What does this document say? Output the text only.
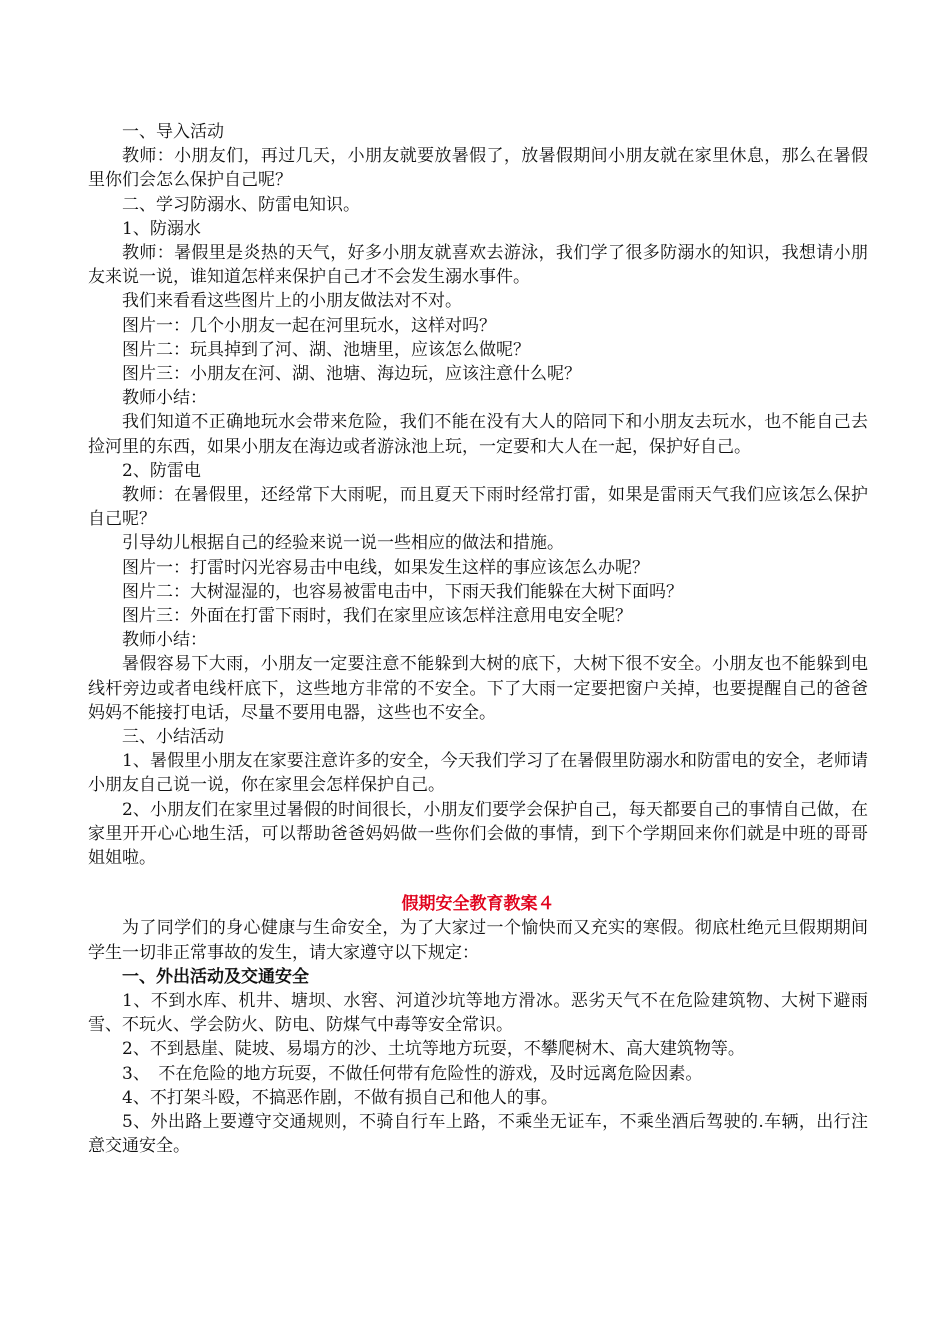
一、导入活动

教师：小朋友们，再过几天，小朋友就要放暑假了，放暑假期间小朋友就在家里休息，那么在暑假里你们会怎么保护自己呢？

二、学习防溺水、防雷电知识。

1、防溺水

教师：暑假里是炎热的天气，好多小朋友就喜欢去游泳，我们学了很多防溺水的知识，我想请小朋友来说一说，谁知道怎样来保护自己才不会发生溺水事件。

我们来看看这些图片上的小朋友做法对不对。

图片一：几个小朋友一起在河里玩水，这样对吗？

图片二：玩具掉到了河、湖、池塘里，应该怎么做呢？

图片三：小朋友在河、湖、池塘、海边玩，应该注意什么呢？

教师小结：

我们知道不正确地玩水会带来危险，我们不能在没有大人的陪同下和小朋友去玩水，也不能自己去捡河里的东西，如果小朋友在海边或者游泳池上玩，一定要和大人在一起，保护好自己。

2、防雷电

教师：在暑假里，还经常下大雨呢，而且夏天下雨时经常打雷，如果是雷雨天气我们应该怎么保护自己呢？

引导幼儿根据自己的经验来说一说一些相应的做法和措施。

图片一：打雷时闪光容易击中电线，如果发生这样的事应该怎么办呢？

图片二：大树湿湿的，也容易被雷电击中，下雨天我们能躲在大树下面吗？

图片三：外面在打雷下雨时，我们在家里应该怎样注意用电安全呢？

教师小结：

暑假容易下大雨，小朋友一定要注意不能躲到大树的底下，大树下很不安全。小朋友也不能躲到电线杆旁边或者电线杆底下，这些地方非常的不安全。下了大雨一定要把窗户关掉，也要提醒自己的爸爸妈妈不能接打电话，尽量不要用电器，这些也不安全。

三、小结活动

1、暑假里小朋友在家要注意许多的安全，今天我们学习了在暑假里防溺水和防雷电的安全，老师请小朋友自己说一说，你在家里会怎样保护自己。

2、小朋友们在家里过暑假的时间很长，小朋友们要学会保护自己，每天都要自己的事情自己做，在家里开开心心地生活，可以帮助爸爸妈妈做一些你们会做的事情，到下个学期回来你们就是中班的哥哥姐姐啦。

假期安全教育教案４

为了同学们的身心健康与生命安全，为了大家过一个愉快而又充实的寒假。彻底杜绝元旦假期期间学生一切非正常事故的发生，请大家遵守以下规定：

一、外出活动及交通安全

1、不到水库、机井、塘坝、水窖、河道沙坑等地方滑冰。恶劣天气不在危险建筑物、大树下避雨雪、不玩火、学会防火、防电、防煤气中毒等安全常识。

2、不到悬崖、陡坡、易塌方的沙、土坑等地方玩耍，不攀爬树木、高大建筑物等。

3、　不在危险的地方玩耍，不做任何带有危险性的游戏，及时远离危险因素。

4、不打架斗殴，不搞恶作剧，不做有损自己和他人的事。

5、外出路上要遵守交通规则，不骑自行车上路，不乘坐无证车，不乘坐酒后驾驶的.车辆，出行注意交通安全。
